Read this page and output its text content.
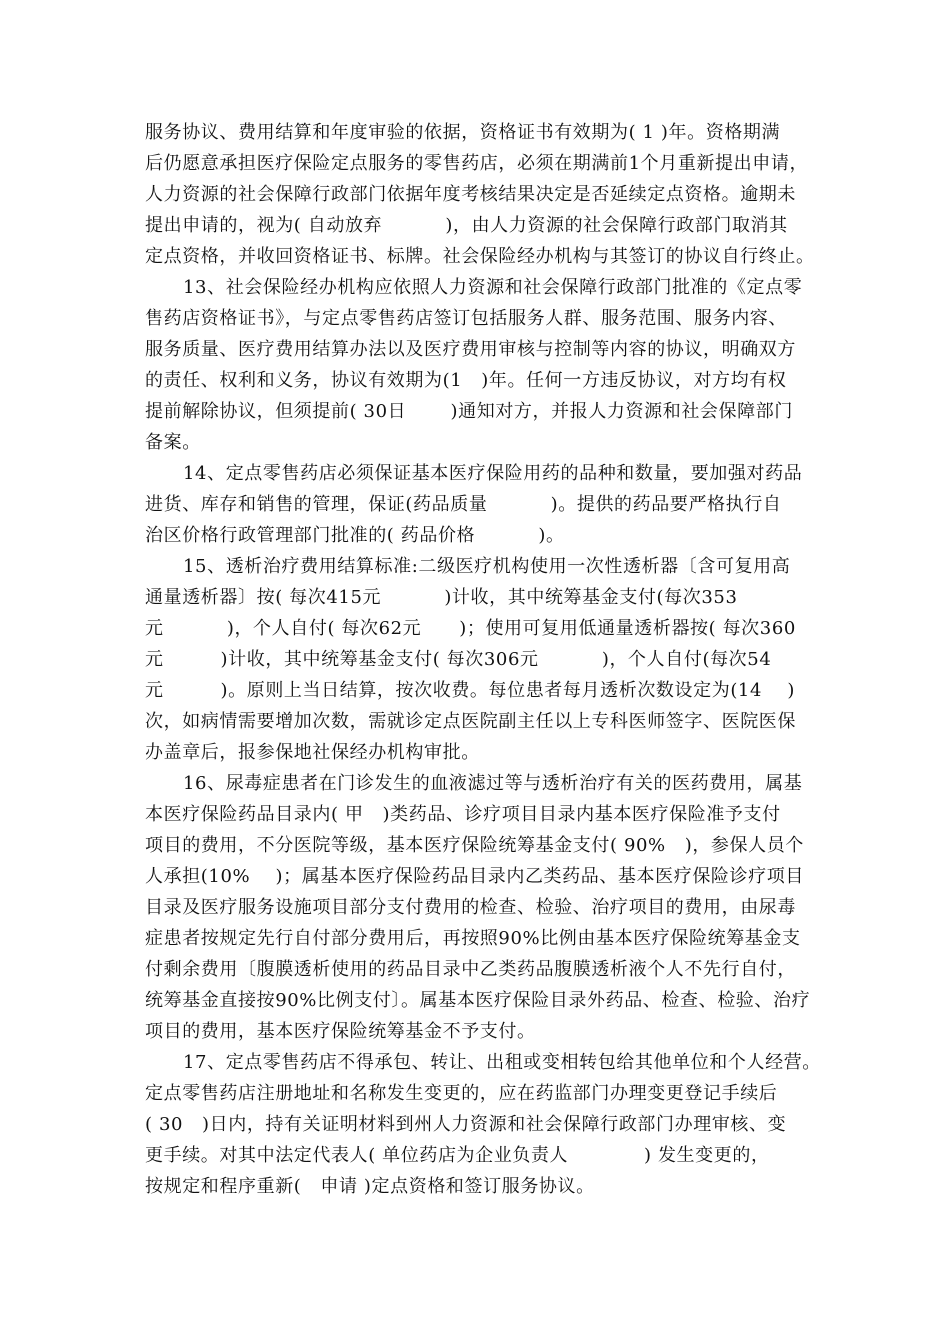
服务协议、费用结算和年度审验的依据，资格证书有效期为( 1 )年。资格期满
后仍愿意承担医疗保险定点服务的零售药店，必须在期满前1个月重新提出申请，
人力资源的社会保障行政部门依据年度考核结果决定是否延续定点资格。逾期未
提出申请的，视为( 自动放弃          )，由人力资源的社会保障行政部门取消其
定点资格，并收回资格证书、标牌。社会保险经办机构与其签订的协议自行终止。
13、社会保险经办机构应依照人力资源和社会保障行政部门批准的《定点零
售药店资格证书》，与定点零售药店签订包括服务人群、服务范围、服务内容、
服务质量、医疗费用结算办法以及医疗费用审核与控制等内容的协议，明确双方
的责任、权利和义务，协议有效期为(1   )年。任何一方违反协议，对方均有权
提前解除协议，但须提前( 30日       )通知对方，并报人力资源和社会保障部门
备案。
14、定点零售药店必须保证基本医疗保险用药的品种和数量，要加强对药品
进货、库存和销售的管理，保证(药品质量          )。提供的药品要严格执行自
治区价格行政管理部门批准的( 药品价格          )。
15、透析治疗费用结算标准:二级医疗机构使用一次性透析器〔含可复用高
通量透析器〕按( 每次415元          )计收，其中统筹基金支付(每次353
元          )，个人自付( 每次62元      )；使用可复用低通量透析器按( 每次360
元         )计收，其中统筹基金支付( 每次306元          )，个人自付(每次54
元         )。原则上当日结算，按次收费。每位患者每月透析次数设定为(14    )
次，如病情需要增加次数，需就诊定点医院副主任以上专科医师签字、医院医保
办盖章后，报参保地社保经办机构审批。
16、尿毒症患者在门诊发生的血液滤过等与透析治疗有关的医药费用，属基
本医疗保险药品目录内( 甲   )类药品、诊疗项目目录内基本医疗保险准予支付
项目的费用，不分医院等级，基本医疗保险统筹基金支付( 90%   )，参保人员个
人承担(10%    )；属基本医疗保险药品目录内乙类药品、基本医疗保险诊疗项目
目录及医疗服务设施项目部分支付费用的检查、检验、治疗项目的费用，由尿毒
症患者按规定先行自付部分费用后，再按照90%比例由基本医疗保险统筹基金支
付剩余费用〔腹膜透析使用的药品目录中乙类药品腹膜透析液个人不先行自付，
统筹基金直接按90%比例支付〕。属基本医疗保险目录外药品、检查、检验、治疗
项目的费用，基本医疗保险统筹基金不予支付。
17、定点零售药店不得承包、转让、出租或变相转包给其他单位和个人经营。
定点零售药店注册地址和名称发生变更的，应在药监部门办理变更登记手续后
( 30   )日内，持有关证明材料到州人力资源和社会保障行政部门办理审核、变
更手续。对其中法定代表人( 单位药店为企业负责人            ) 发生变更的，
按规定和程序重新(   申请 )定点资格和签订服务协议。
